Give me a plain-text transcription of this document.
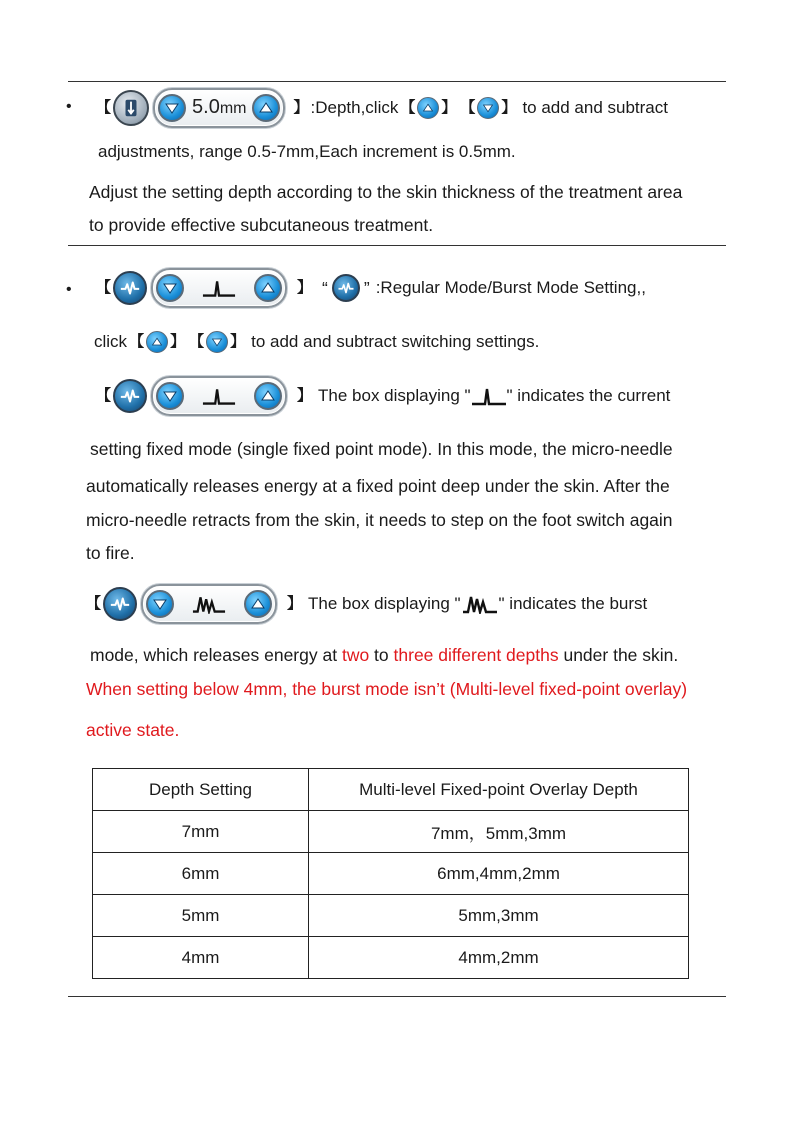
• 【	5.0mm	】 :Depth,click 【 】 【 】 to add and subtract
adjustments, range 0.5-7mm,Each increment is 0.5mm.
Adjust the setting depth according to the skin thickness of the treatment area
to provide effective subcutaneous treatment.
• 【	】 “ ” :Regular Mode/Burst Mode Setting,,
click 【 】 【 】 to add and subtract switching settings.
【	】 The box displaying " " indicates the current
setting fixed mode (single fixed point mode). In this mode, the micro-needle
automatically releases energy at a fixed point deep under the skin. After the
micro-needle retracts from the skin, it needs to step on the foot switch again
to fire.
【	】 The box displaying " " indicates the burst
mode, which releases energy at two to three different depths under the skin.
When setting below 4mm, the burst mode isn’t (Multi-level fixed-point overlay)
active state.
Depth Setting	Multi-level Fixed-point Overlay Depth
7mm	7mm，5mm,3mm
6mm	6mm,4mm,2mm
5mm	5mm,3mm
4mm	4mm,2mm
